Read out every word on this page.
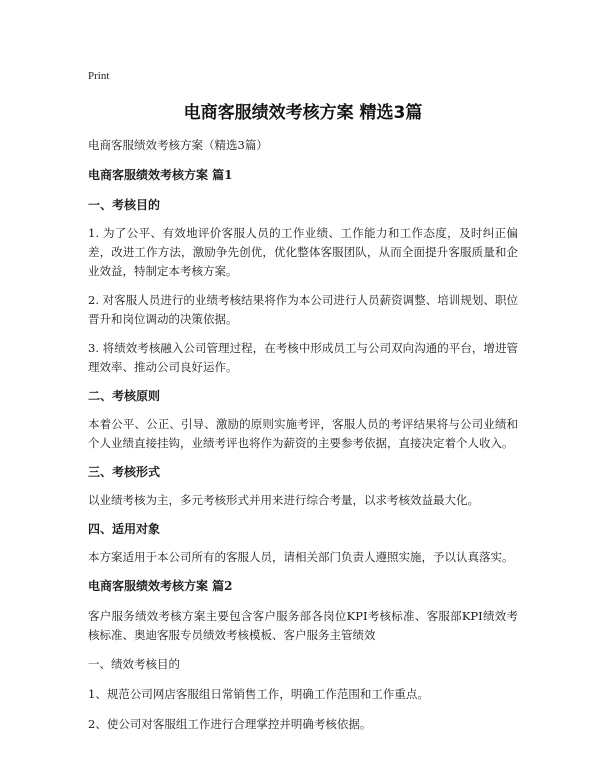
Print
电商客服绩效考核方案 精选3篇

电商客服绩效考核方案（精选3篇）

电商客服绩效考核方案 篇1

一、考核目的

1. 为了公平、有效地评价客服人员的工作业绩、工作能力和工作态度，及时纠正偏差，改进工作方法，激励争先创优，优化整体客服团队，从而全面提升客服质量和企业效益，特制定本考核方案。

2. 对客服人员进行的业绩考核结果将作为本公司进行人员薪资调整、培训规划、职位晋升和岗位调动的决策依据。

3. 将绩效考核融入公司管理过程，在考核中形成员工与公司双向沟通的平台，增进管理效率、推动公司良好运作。

二、考核原则

本着公平、公正、引导、激励的原则实施考评，客服人员的考评结果将与公司业绩和个人业绩直接挂钩，业绩考评也将作为薪资的主要参考依据，直接决定着个人收入。

三、考核形式

以业绩考核为主，多元考核形式并用来进行综合考量，以求考核效益最大化。

四、适用对象

本方案适用于本公司所有的客服人员，请相关部门负责人遵照实施，予以认真落实。

电商客服绩效考核方案 篇2

客户服务绩效考核方案主要包含客户服务部各岗位KPI考核标准、客服部KPI绩效考核标准、奥迪客服专员绩效考核模板、客户服务主管绩效

一、绩效考核目的

1、规范公司网店客服组日常销售工作，明确工作范围和工作重点。

2、使公司对客服组工作进行合理掌控并明确考核依据。
